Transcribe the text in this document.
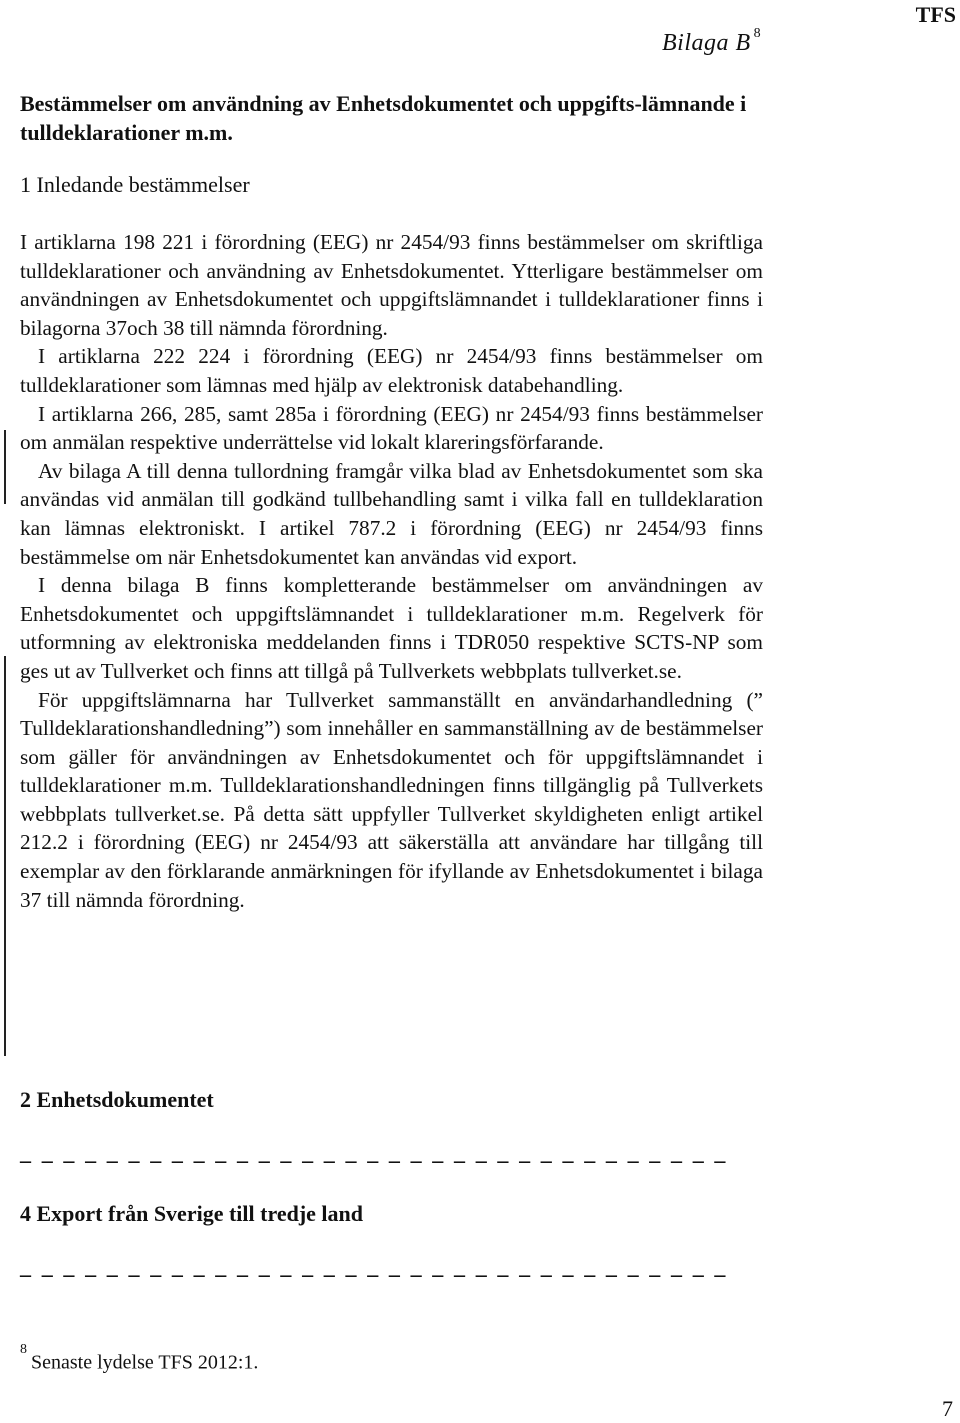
TFS
Bilaga B $^8$
Bestämmelser om användning av Enhetsdokumentet och uppgifts-lämnande i tulldeklarationer m.m.
1 Inledande bestämmelser

I artiklarna 198 221 i förordning (EEG) nr 2454/93 finns bestämmelser om skriftliga tulldeklarationer och användning av Enhetsdokumentet. Ytterligare bestämmelser om användningen av Enhetsdokumentet och uppgiftslämnandet i tulldeklarationer finns i bilagorna 37och 38 till nämnda förordning.

I artiklarna 222 224 i förordning (EEG) nr 2454/93 finns bestämmelser om tulldeklarationer som lämnas med hjälp av elektronisk databehandling.

I artiklarna 266, 285, samt 285a i förordning (EEG) nr 2454/93 finns bestämmelser om anmälan respektive underrättelse vid lokalt klareringsförfarande.

Av bilaga A till denna tullordning framgår vilka blad av Enhetsdokumentet som ska användas vid anmälan till godkänd tullbehandling samt i vilka fall en tulldeklaration kan lämnas elektroniskt. I artikel 787.2 i förordning (EEG) nr 2454/93 finns bestämmelse om när Enhetsdokumentet kan användas vid export.

I denna bilaga B finns kompletterande bestämmelser om användningen av Enhetsdokumentet och uppgiftslämnandet i tulldeklarationer m.m. Regelverk för utformning av elektroniska meddelanden finns i TDR050 respektive SCTS-NP som ges ut av Tullverket och finns att tillgå på Tullverkets webbplats tullverket.se.

För uppgiftslämnarna har Tullverket sammanställt en användarhandledning (” Tulldeklarationshandledning”) som innehåller en sammanställning av de bestämmelser som gäller för användningen av Enhetsdokumentet och för uppgiftslämnandet i tulldeklarationer m.m. Tulldeklarationshandledningen finns tillgänglig på Tullverkets webbplats tullverket.se. På detta sätt uppfyller Tullverket skyldigheten enligt artikel 212.2 i förordning (EEG) nr 2454/93 att säkerställa att användare har tillgång till exemplar av den förklarande anmärkningen för ifyllande av Enhetsdokumentet i bilaga 37 till nämnda förordning.

2 Enhetsdokumentet
_ _ _ _ _ _ _ _ _ _ _ _ _ _ _ _ _ _ _ _ _ _ _ _ _ _ _ _ _ _ _ _ _
4 Export från Sverige till tredje land
_ _ _ _ _ _ _ _ _ _ _ _ _ _ _ _ _ _ _ _ _ _ _ _ _ _ _ _ _ _ _ _ _
$^8$Senaste lydelse TFS 2012:1.
7
